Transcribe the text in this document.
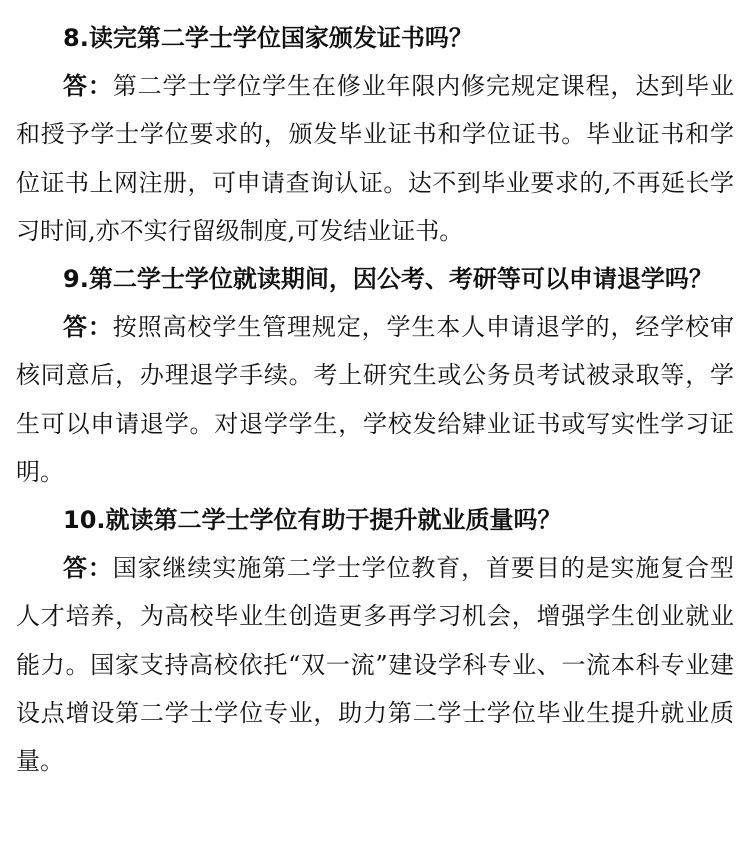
8.读完第二学士学位国家颁发证书吗？

答：第二学士学位学生在修业年限内修完规定课程，达到毕业和授予学士学位要求的，颁发毕业证书和学位证书。毕业证书和学位证书上网注册，可申请查询认证。达不到毕业要求的,不再延长学习时间,亦不实行留级制度,可发结业证书。

9.第二学士学位就读期间，因公考、考研等可以申请退学吗？

答：按照高校学生管理规定，学生本人申请退学的，经学校审核同意后，办理退学手续。考上研究生或公务员考试被录取等，学生可以申请退学。对退学学生，学校发给肄业证书或写实性学习证明。

10.就读第二学士学位有助于提升就业质量吗？

答：国家继续实施第二学士学位教育，首要目的是实施复合型人才培养，为高校毕业生创造更多再学习机会，增强学生创业就业能力。国家支持高校依托“双一流”建设学科专业、一流本科专业建设点增设第二学士学位专业，助力第二学士学位毕业生提升就业质量。
